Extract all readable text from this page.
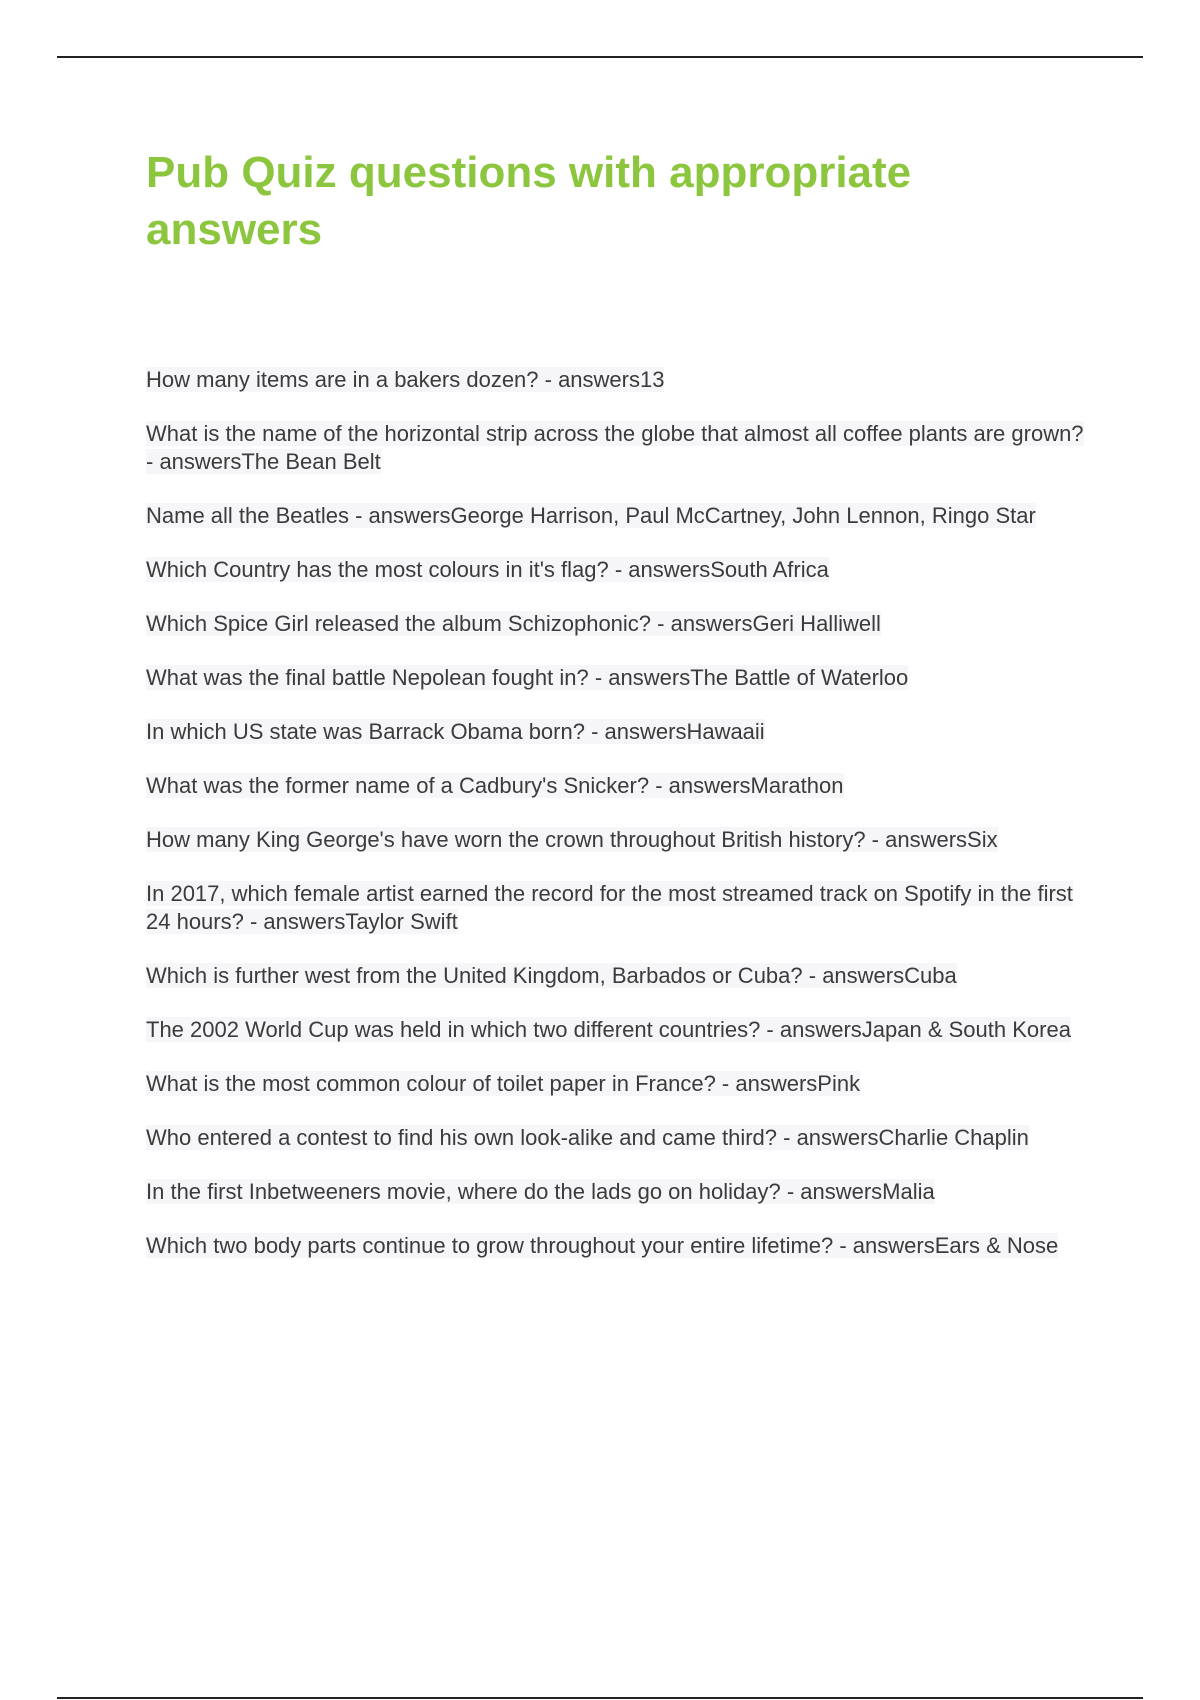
Pub Quiz questions with appropriate answers
How many items are in a bakers dozen? - answers13
What is the name of the horizontal strip across the globe that almost all coffee plants are grown? - answersThe Bean Belt
Name all the Beatles - answersGeorge Harrison, Paul McCartney, John Lennon, Ringo Star
Which Country has the most colours in it's flag? - answersSouth Africa
Which Spice Girl released the album Schizophonic? - answersGeri Halliwell
What was the final battle Nepolean fought in? - answersThe Battle of Waterloo
In which US state was Barrack Obama born? - answersHawaaii
What was the former name of a Cadbury's Snicker? - answersMarathon
How many King George's have worn the crown throughout British history? - answersSix
In 2017, which female artist earned the record for the most streamed track on Spotify in the first 24 hours? - answersTaylor Swift
Which is further west from the United Kingdom, Barbados or Cuba? - answersCuba
The 2002 World Cup was held in which two different countries? - answersJapan & South Korea
What is the most common colour of toilet paper in France? - answersPink
Who entered a contest to find his own look-alike and came third? - answersCharlie Chaplin
In the first Inbetweeners movie, where do the lads go on holiday? - answersMalia
Which two body parts continue to grow throughout your entire lifetime? - answersEars & Nose
